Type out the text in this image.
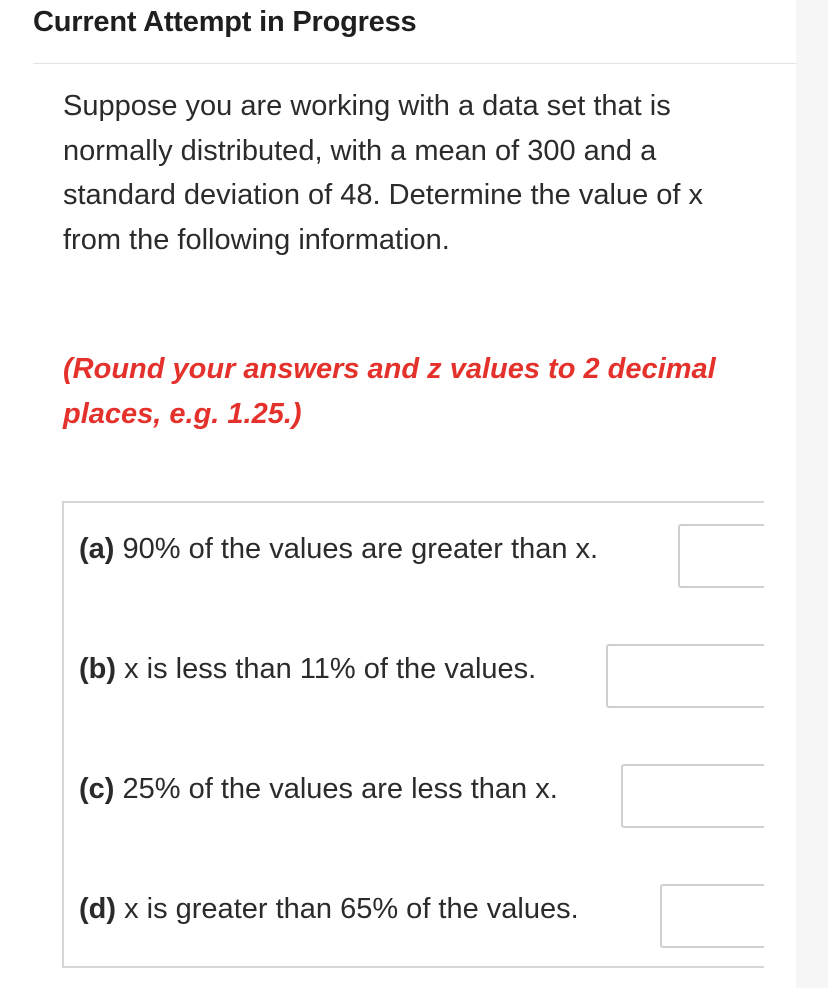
Current Attempt in Progress
Suppose you are working with a data set that is
normally distributed, with a mean of 300 and a
standard deviation of 48. Determine the value of x
from the following information.
(Round your answers and z values to 2 decimal
places, e.g. 1.25.)
(a) 90% of the values are greater than x.
(b) x is less than 11% of the values.
(c) 25% of the values are less than x.
(d) x is greater than 65% of the values.
